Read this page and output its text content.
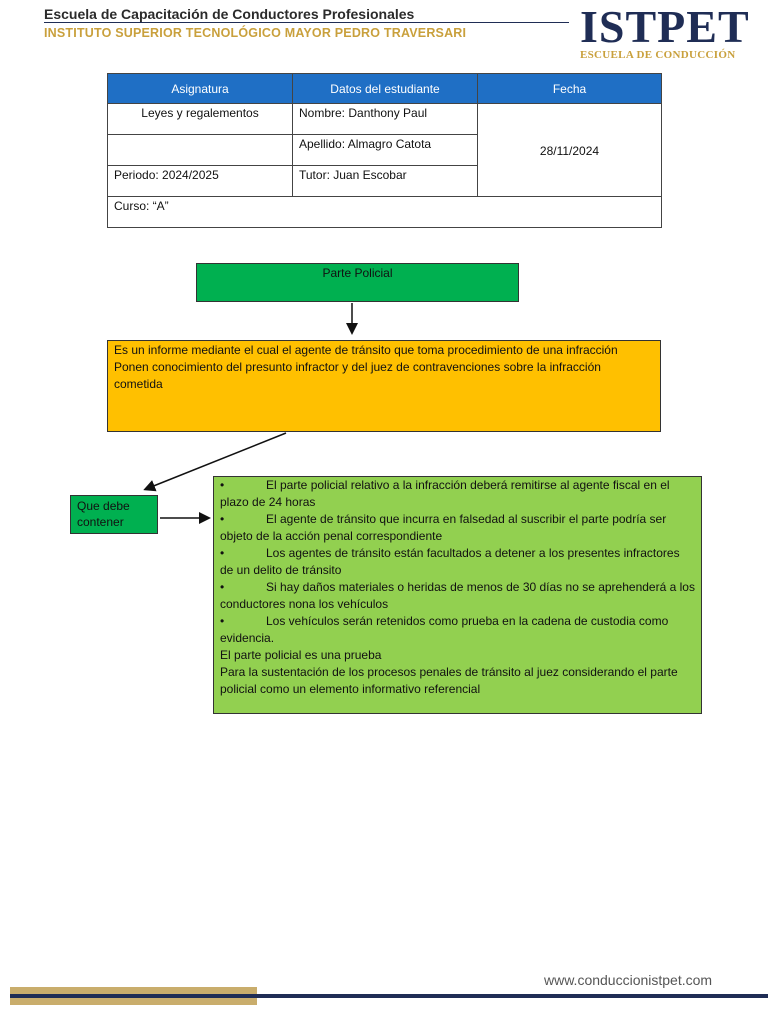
Escuela de Capacitación de Conductores Profesionales
INSTITUTO SUPERIOR TECNOLÓGICO MAYOR PEDRO TRAVERSARI ISTPET
ESCUELA DE CONDUCCIÓN
Asignatura	Datos del estudiante	Fecha
Leyes y regalementos	Nombre: Danthony Paul	28/11/2024
	Apellido: Almagro Catota	
Periodo: 2024/2025	Tutor: Juan Escobar	
Curso: “A”		
Parte Policial
Es un informe mediante el cual el agente de tránsito que toma procedimiento de una infracción
Ponen conocimiento del presunto infractor y del juez de contravenciones sobre la infracción
cometida
Que debe contener
•	El parte policial relativo a la infracción deberá remitirse al agente fiscal en el plazo de 24 horas
•	El agente de tránsito que incurra en falsedad al suscribir el parte podría ser objeto de la acción penal correspondiente
•	Los agentes de tránsito están facultados a detener a los presentes infractores de un delito de tránsito
•	Si hay daños materiales o heridas de menos de 30 días no se aprehenderá a los conductores nona los vehículos
•	Los vehículos serán retenidos como prueba en la cadena de custodia como evidencia.
El parte policial es una prueba
Para la sustentación de los procesos penales de tránsito al juez considerando el parte policial como un elemento informativo referencial
www.conduccionistpet.com
